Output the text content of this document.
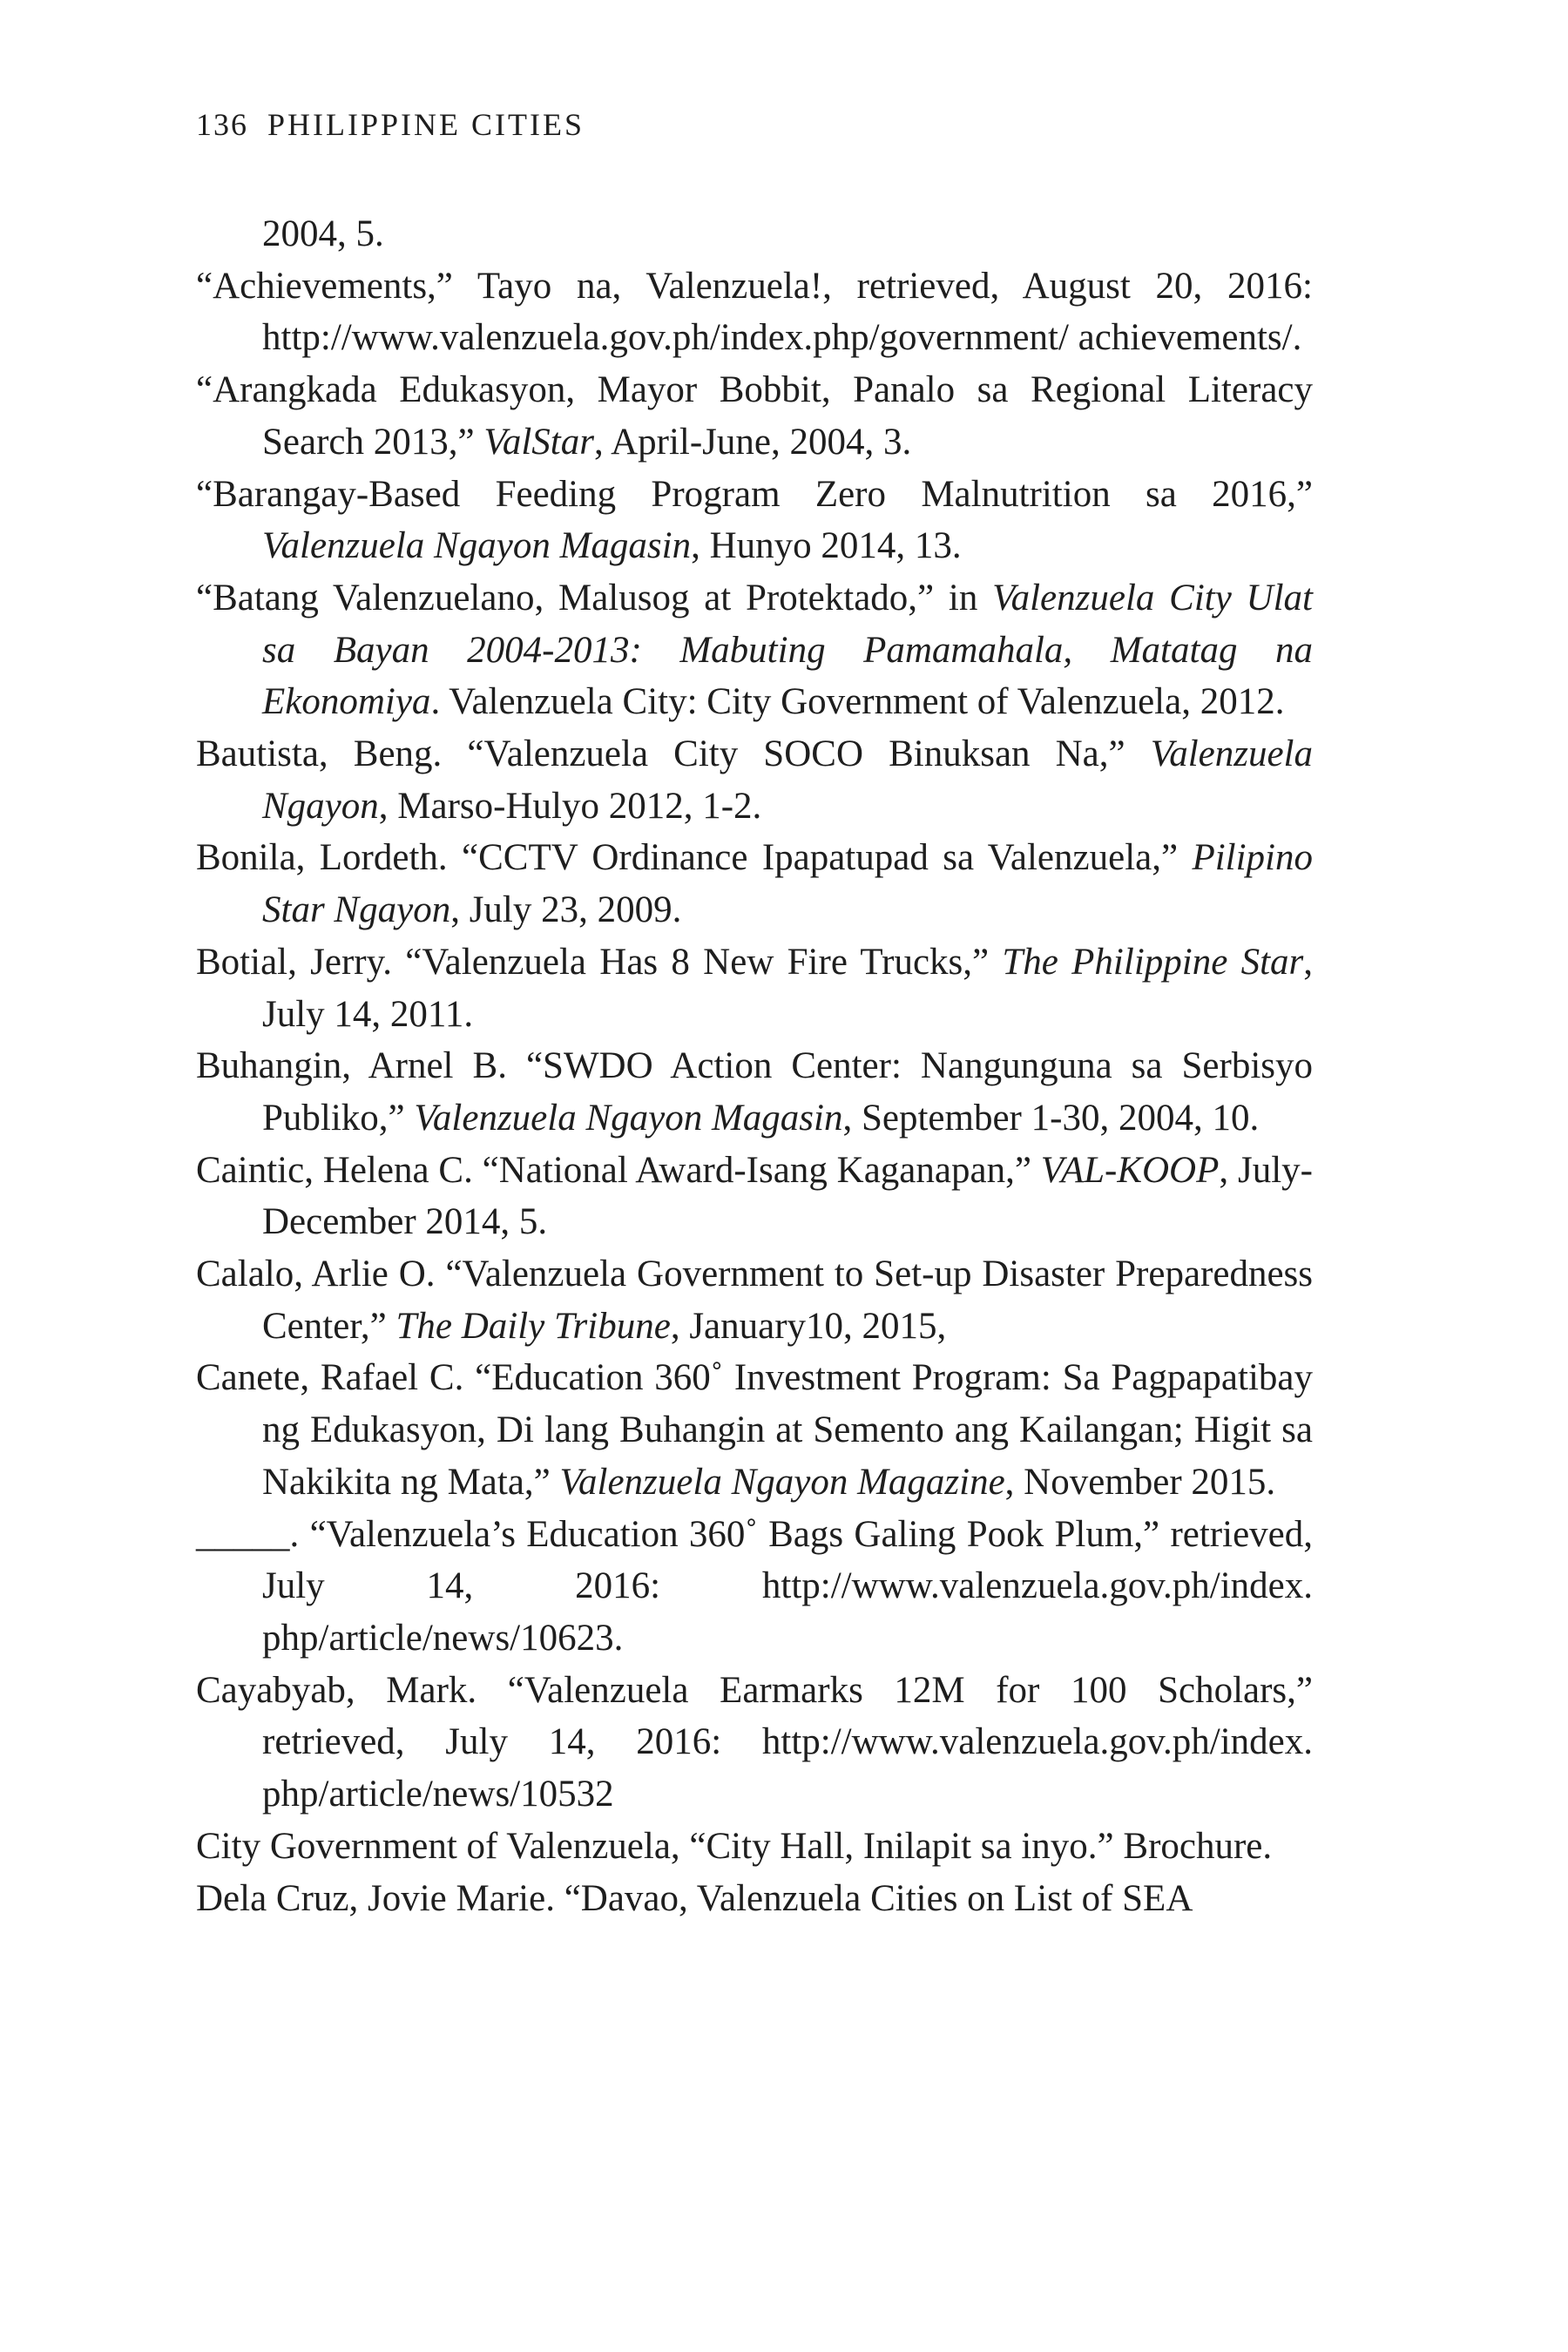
136 PHILIPPINE CITIES

2004, 5.

“Achievements,” Tayo na, Valenzuela!, retrieved, August 20, 2016: http://www.valenzuela.gov.ph/index.php/government/ achievements/.

“Arangkada Edukasyon, Mayor Bobbit, Panalo sa Regional Literacy Search 2013,” ValStar, April-June, 2004, 3.

“Barangay-Based Feeding Program Zero Malnutrition sa 2016,” Valenzuela Ngayon Magasin, Hunyo 2014, 13.

“Batang Valenzuelano, Malusog at Protektado,” in Valenzuela City Ulat sa Bayan 2004-2013: Mabuting Pamamahala, Matatag na Ekonomiya. Valenzuela City: City Government of Valenzuela, 2012.

Bautista, Beng. “Valenzuela City SOCO Binuksan Na,” Valenzuela Ngayon, Marso-Hulyo 2012, 1-2.

Bonila, Lordeth. “CCTV Ordinance Ipapatupad sa Valenzuela,” Pilipino Star Ngayon, July 23, 2009.

Botial, Jerry. “Valenzuela Has 8 New Fire Trucks,” The Philippine Star, July 14, 2011.

Buhangin, Arnel B. “SWDO Action Center: Nangunguna sa Serbisyo Publiko,” Valenzuela Ngayon Magasin, September 1-30, 2004, 10.

Caintic, Helena C. “National Award-Isang Kaganapan,” VAL-KOOP, July-December 2014, 5.

Calalo, Arlie O. “Valenzuela Government to Set-up Disaster Preparedness Center,” The Daily Tribune, January10, 2015,

Canete, Rafael C. “Education 360˚ Investment Program: Sa Pagpapatibay ng Edukasyon, Di lang Buhangin at Semento ang Kailangan; Higit sa Nakikita ng Mata,” Valenzuela Ngayon Magazine, November 2015.

_____. “Valenzuela’s Education 360˚ Bags Galing Pook Plum,” retrieved, July 14, 2016: http://www.valenzuela.gov.ph/index. php/article/news/10623.

Cayabyab, Mark. “Valenzuela Earmarks 12M for 100 Scholars,” retrieved, July 14, 2016: http://www.valenzuela.gov.ph/index. php/article/news/10532

City Government of Valenzuela, “City Hall, Inilapit sa inyo.” Brochure.

Dela Cruz, Jovie Marie. “Davao, Valenzuela Cities on List of SEA
